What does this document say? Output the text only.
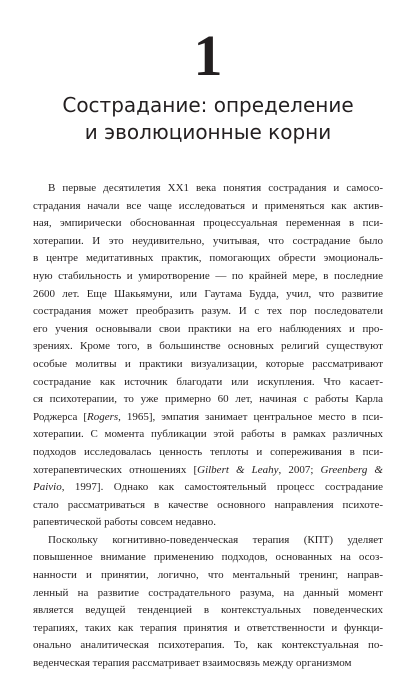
1
Сострадание: определение
и эволюционные корни
В первые десятилетия XX1 века понятия сострадания и самосо-
страдания начали все чаще исследоваться и применяться как актив-
ная, эмпирически обоснованная процессуальная переменная в пси-
хотерапии. И это неудивительно, учитывая, что сострадание было
в центре медитативных практик, помогающих обрести эмоциональ-
ную стабильность и умиротворение — по крайней мере, в последние
2600 лет. Еще Шакьямуни, или Гаутама Будда, учил, что развитие
сострадания может преобразить разум. И с тех пор последователи
его учения основывали свои практики на его наблюдениях и про-
зрениях. Кроме того, в большинстве основных религий существуют
особые молитвы и практики визуализации, которые рассматривают
сострадание как источник благодати или искупления. Что касает-
ся психотерапии, то уже примерно 60 лет, начиная с работы Карла
Роджерса [Rogers, 1965], эмпатия занимает центральное место в пси-
хотерапии. С момента публикации этой работы в рамках различных
подходов исследовалась ценность теплоты и сопереживания в пси-
хотерапевтических отношениях [Gilbert & Leahy, 2007; Greenberg &
Paivio, 1997]. Однако как самостоятельный процесс сострадание
стало рассматриваться в качестве основного направления психоте-
рапевтической работы совсем недавно.
Поскольку когнитивно-поведенческая терапия (КПТ) уделяет
повышенное внимание применению подходов, основанных на осоз-
нанности и принятии, логично, что ментальный тренинг, направ-
ленный на развитие сострадательного разума, на данный момент
является ведущей тенденцией в контекстуальных поведенческих
терапиях, таких как терапия принятия и ответственности и функци-
онально аналитическая психотерапия. То, как контекстуальная по-
веденческая терапия рассматривает взаимосвязь между организмом
